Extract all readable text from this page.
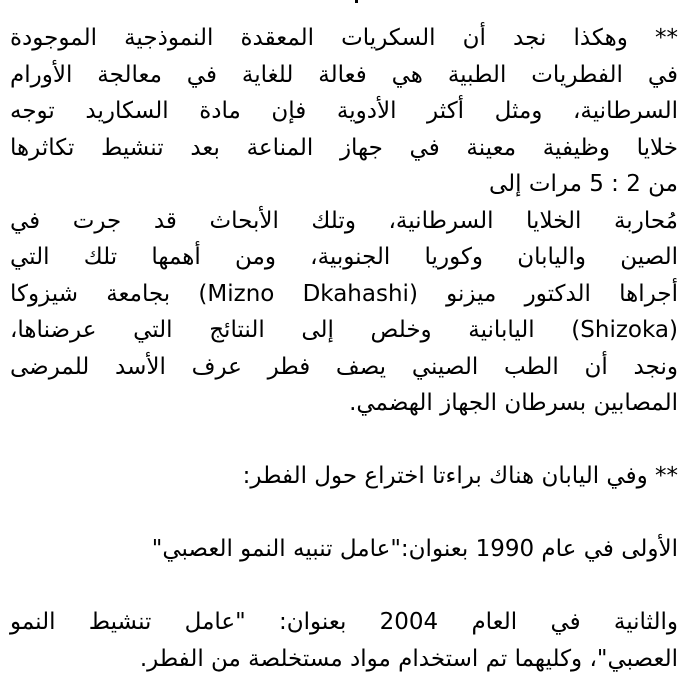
** وهكذا نجد أن السكريات المعقدة النموذجية الموجودة
في الفطريات الطبية هي فعالة للغاية في معالجة الأورام
السرطانية، ومثل أكثر الأدوية فإن مادة السكاريد توجه
خلايا وظيفية معينة في جهاز المناعة بعد تنشيط تكاثرها
من 2 : 5 مرات إلى
مُحاربة الخلايا السرطانية، وتلك الأبحاث قد جرت في
الصين واليابان وكوريا الجنوبية، ومن أهمها تلك التي
أجراها الدكتور ميزنو (Mizno Dkahashi) بجامعة شيزوكا
(Shizoka) اليابانية وخلص إلى النتائج التي عرضناها،
ونجد أن الطب الصيني يصف فطر عرف الأسد للمرضى
المصابين بسرطان الجهاز الهضمي.
** وفي اليابان هناك براءتا اختراع حول الفطر:
الأولى في عام 1990 بعنوان:"عامل تنبيه النمو العصبي"
والثانية في العام 2004 بعنوان: "عامل تنشيط النمو
العصبي"، وكليهما تم استخدام مواد مستخلصة من الفطر.
